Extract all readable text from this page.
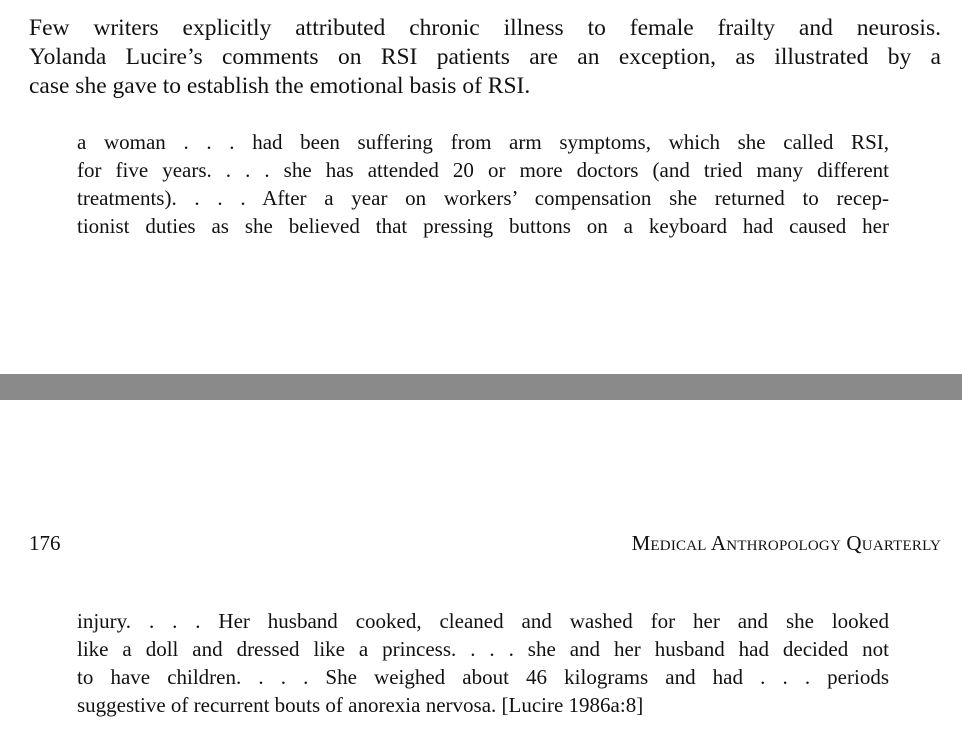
Few writers explicitly attributed chronic illness to female frailty and neurosis.
Yolanda Lucire’s comments on RSI patients are an exception, as illustrated by a
case she gave to establish the emotional basis of RSI.
a woman . . . had been suffering from arm symptoms, which she called RSI,
for five years. . . . she has attended 20 or more doctors (and tried many different
treatments). . . . After a year on workers’ compensation she returned to recep-
tionist duties as she believed that pressing buttons on a keyboard had caused her
176	Medical Anthropology Quarterly
injury. . . . Her husband cooked, cleaned and washed for her and she looked
like a doll and dressed like a princess. . . . she and her husband had decided not
to have children. . . . She weighed about 46 kilograms and had . . . periods
suggestive of recurrent bouts of anorexia nervosa. [Lucire 1986a:8]
